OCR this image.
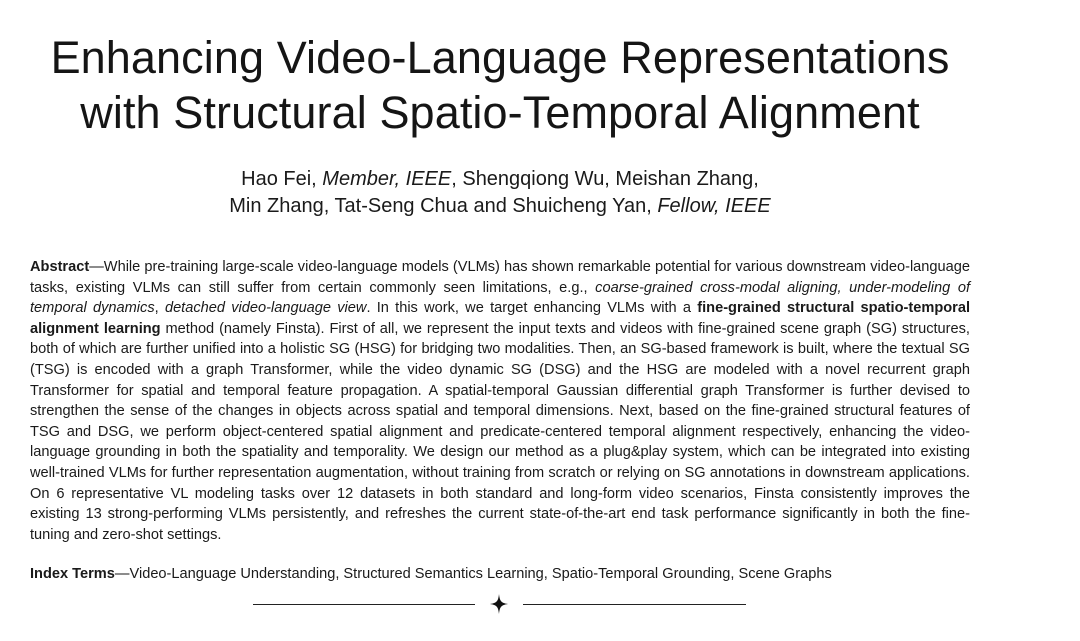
Enhancing Video-Language Representations
with Structural Spatio-Temporal Alignment
Hao Fei, Member, IEEE, Shengqiong Wu, Meishan Zhang,
Min Zhang, Tat-Seng Chua and Shuicheng Yan, Fellow, IEEE
Abstract—While pre-training large-scale video-language models (VLMs) has shown remarkable potential for various downstream video-language tasks, existing VLMs can still suffer from certain commonly seen limitations, e.g., coarse-grained cross-modal aligning, under-modeling of temporal dynamics, detached video-language view. In this work, we target enhancing VLMs with a fine-grained structural spatio-temporal alignment learning method (namely Finsta). First of all, we represent the input texts and videos with fine-grained scene graph (SG) structures, both of which are further unified into a holistic SG (HSG) for bridging two modalities. Then, an SG-based framework is built, where the textual SG (TSG) is encoded with a graph Transformer, while the video dynamic SG (DSG) and the HSG are modeled with a novel recurrent graph Transformer for spatial and temporal feature propagation. A spatial-temporal Gaussian differential graph Transformer is further devised to strengthen the sense of the changes in objects across spatial and temporal dimensions. Next, based on the fine-grained structural features of TSG and DSG, we perform object-centered spatial alignment and predicate-centered temporal alignment respectively, enhancing the video-language grounding in both the spatiality and temporality. We design our method as a plug&play system, which can be integrated into existing well-trained VLMs for further representation augmentation, without training from scratch or relying on SG annotations in downstream applications. On 6 representative VL modeling tasks over 12 datasets in both standard and long-form video scenarios, Finsta consistently improves the existing 13 strong-performing VLMs persistently, and refreshes the current state-of-the-art end task performance significantly in both the fine-tuning and zero-shot settings.
Index Terms—Video-Language Understanding, Structured Semantics Learning, Spatio-Temporal Grounding, Scene Graphs
